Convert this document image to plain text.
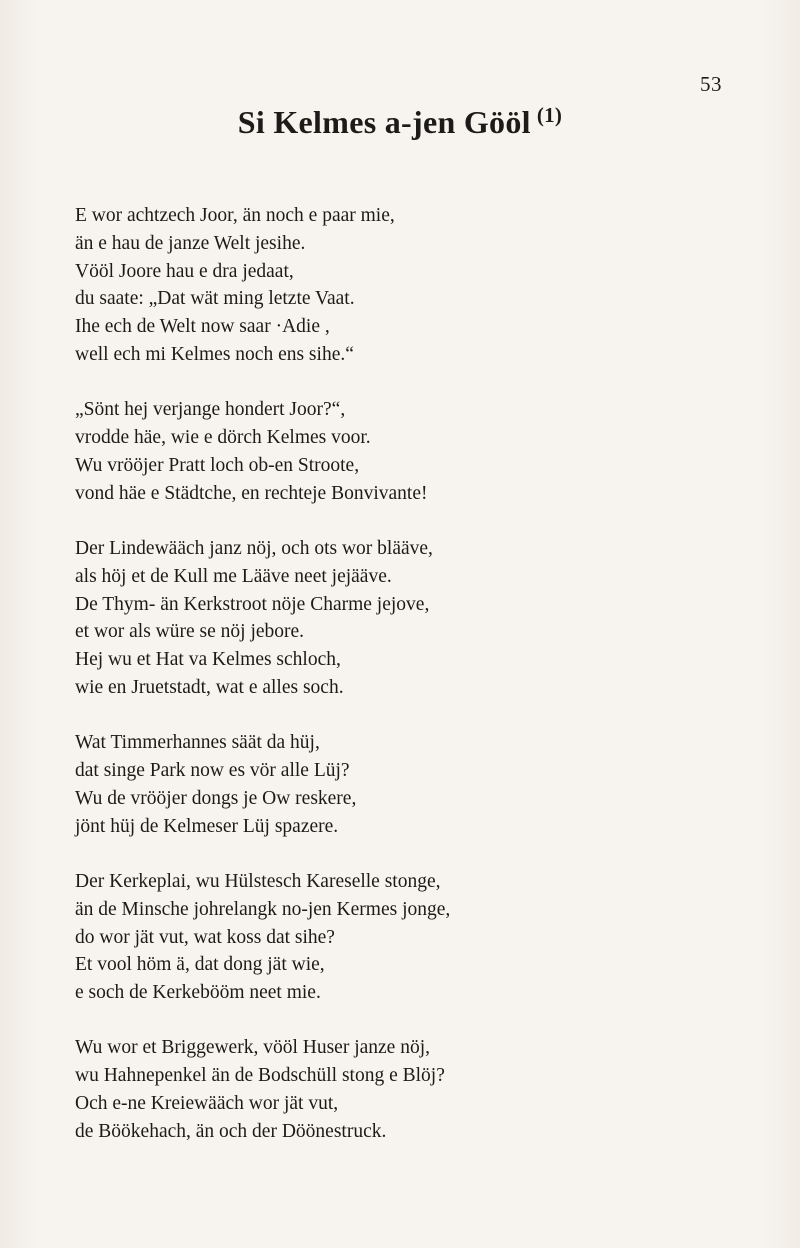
53
Si Kelmes a-jen Gööl $^{(1)}$
E wor achtzech Joor, än noch e paar mie,
än e hau de janze Welt jesihe.
Vööl Joore hau e dra jedaat,
du saate: „Dat wät ming letzte Vaat.
Ihe ech de Welt now saar ·Adie ,
well ech mi Kelmes noch ens sihe.“
„Sönt hej verjange hondert Joor?“,
vrodde häe, wie e dörch Kelmes voor.
Wu vrööjer Pratt loch ob-en Stroote,
vond häe e Städtche, en rechteje Bonvivante!
Der Lindewääch janz nöj, och ots wor blääve,
als höj et de Kull me Lääve neet jejääve.
De Thym- än Kerkstroot nöje Charme jejove,
et wor als würe se nöj jebore.
Hej wu et Hat va Kelmes schloch,
wie en Jruetstadt, wat e alles soch.
Wat Timmerhannes säät da hüj,
dat singe Park now es vör alle Lüj?
Wu de vrööjer dongs je Ow reskere,
jönt hüj de Kelmeser Lüj spazere.
Der Kerkeplai, wu Hülstesch Kareselle stonge,
än de Minsche johrelangk no-jen Kermes jonge,
do wor jät vut, wat koss dat sihe?
Et vool höm ä, dat dong jät wie,
e soch de Kerkebööm neet mie.
Wu wor et Briggewerk, vööl Huser janze nöj,
wu Hahnepenkel än de Bodschüll stong e Blöj?
Och e-ne Kreiewääch wor jät vut,
de Böökehach, än och der Döönestruck.
